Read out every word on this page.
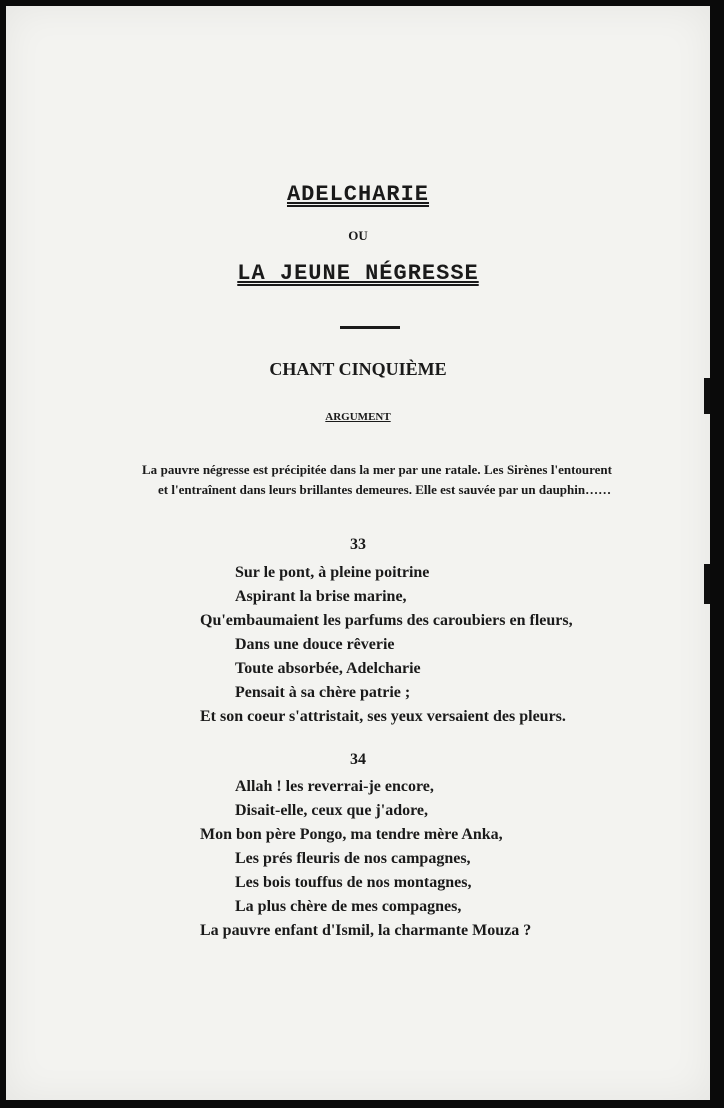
ADELCHARIE
OU
LA JEUNE NÉGRESSE
CHANT CINQUIÈME
ARGUMENT
La pauvre négresse est précipitée dans la mer par une ratale. Les Sirènes l'entourent et l'entraînent dans leurs brillantes demeures. Elle est sauvée par un dauphin……
33
Sur le pont, à pleine poitrine
Aspirant la brise marine,
Qu'embaumaient les parfums des caroubiers en fleurs,
Dans une douce rêverie
Toute absorbée, Adelcharie
Pensait à sa chère patrie ;
Et son coeur s'attristait, ses yeux versaient des pleurs.
34
Allah ! les reverrai-je encore,
Disait-elle, ceux que j'adore,
Mon bon père Pongo, ma tendre mère Anka,
Les prés fleuris de nos campagnes,
Les bois touffus de nos montagnes,
La plus chère de mes compagnes,
La pauvre enfant d'Ismil, la charmante Mouza ?
